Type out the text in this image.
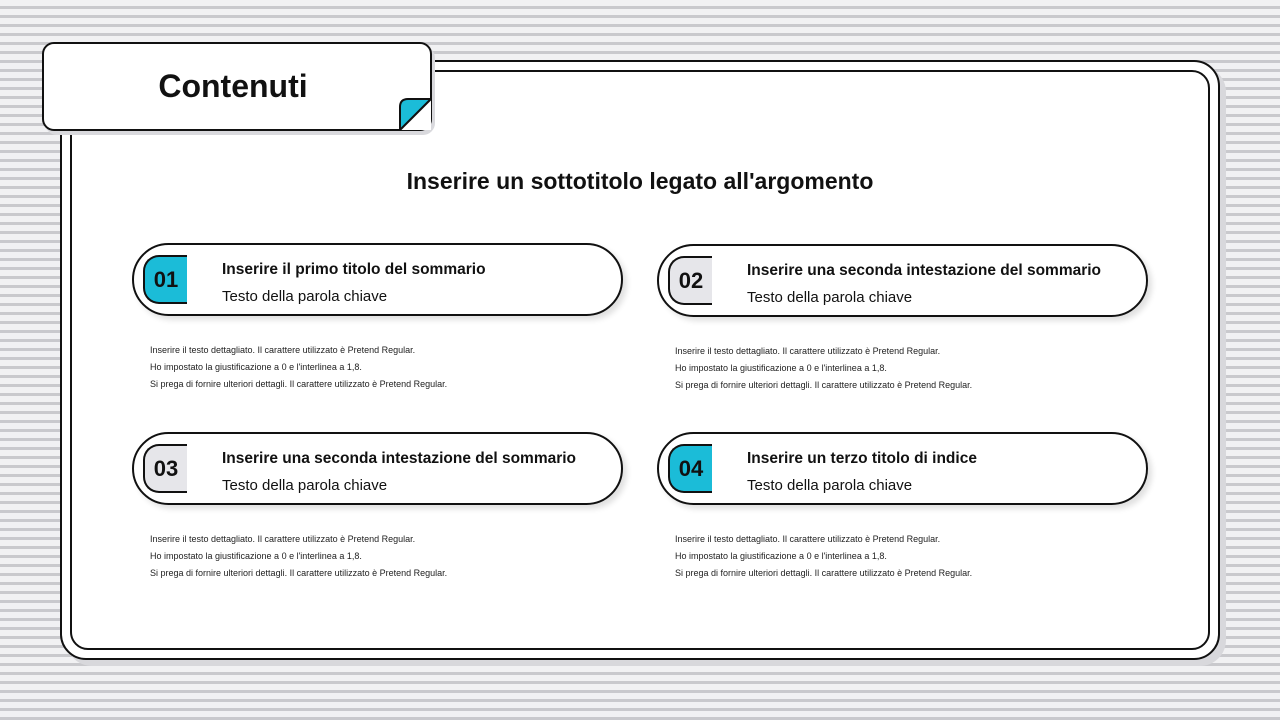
Contenuti
Inserire un sottotitolo legato all'argomento
01	Inserire il primo titolo del sommario
Testo della parola chiave
Inserire il testo dettagliato. Il carattere utilizzato è Pretend Regular.
Ho impostato la giustificazione a 0 e l'interlinea a 1,8.
Si prega di fornire ulteriori dettagli. Il carattere utilizzato è Pretend Regular.
02	Inserire una seconda intestazione del sommario
Testo della parola chiave
Inserire il testo dettagliato. Il carattere utilizzato è Pretend Regular.
Ho impostato la giustificazione a 0 e l'interlinea a 1,8.
Si prega di fornire ulteriori dettagli. Il carattere utilizzato è Pretend Regular.
03	Inserire una seconda intestazione del sommario
Testo della parola chiave
Inserire il testo dettagliato. Il carattere utilizzato è Pretend Regular.
Ho impostato la giustificazione a 0 e l'interlinea a 1,8.
Si prega di fornire ulteriori dettagli. Il carattere utilizzato è Pretend Regular.
04	Inserire un terzo titolo di indice
Testo della parola chiave
Inserire il testo dettagliato. Il carattere utilizzato è Pretend Regular.
Ho impostato la giustificazione a 0 e l'interlinea a 1,8.
Si prega di fornire ulteriori dettagli. Il carattere utilizzato è Pretend Regular.
